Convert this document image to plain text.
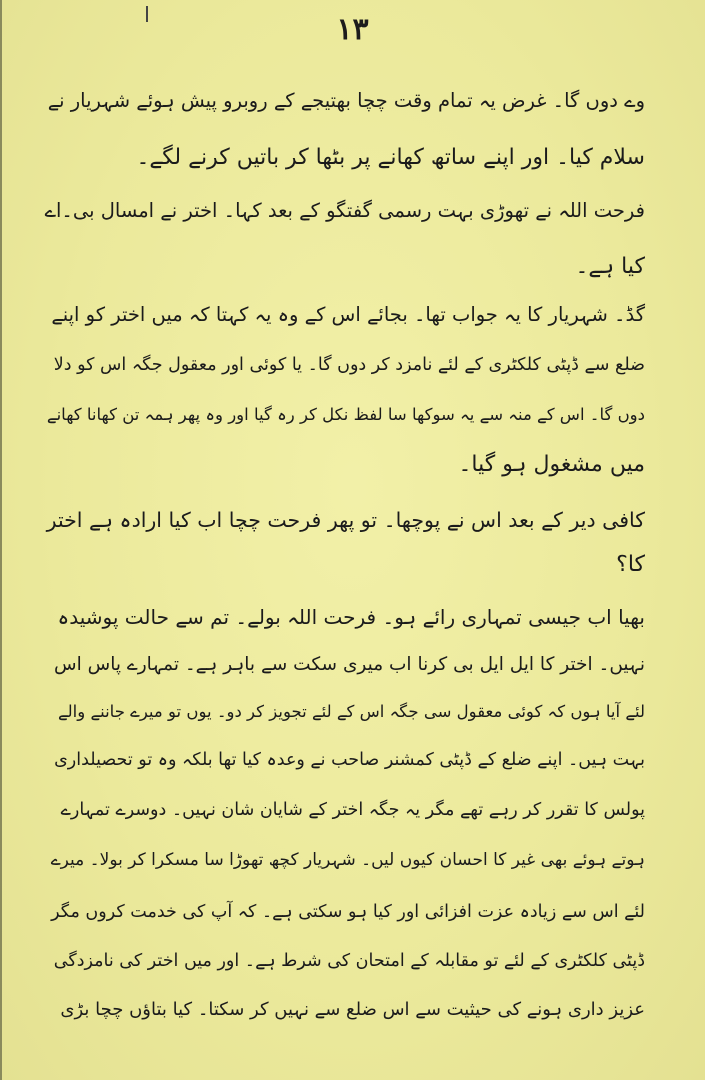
۱۳
وے دوں گا۔ غرض یہ تمام وقت چچا بھتیجے کے روبرو پیش ہوئے شہریار نے
سلام کیا۔ اور اپنے ساتھ کھانے پر بٹھا کر باتیں کرنے لگے۔
فرحت اللہ نے تھوڑی بہت رسمی گفتگو کے بعد کہا۔ اختر نے امسال بی۔اے
کیا ہے۔
گڈ۔ شہریار کا یہ جواب تھا۔ بجائے اس کے وہ یہ کہتا کہ میں اختر کو اپنے
ضلع سے ڈپٹی کلکٹری کے لئے نامزد کر دوں گا۔ یا کوئی اور معقول جگہ اس کو دلا
دوں گا۔ اس کے منہ سے یہ سوکھا سا لفظ نکل کر رہ گیا اور وہ پھر ہمہ تن کھانا کھانے
میں مشغول ہو گیا۔
کافی دیر کے بعد اس نے پوچھا۔ تو پھر فرحت چچا اب کیا ارادہ ہے اختر
کا؟
بھیا اب جیسی تمہاری رائے ہو۔ فرحت اللہ بولے۔ تم سے حالت پوشیدہ
نہیں۔ اختر کا ایل ایل بی کرنا اب میری سکت سے باہر ہے۔ تمہارے پاس اس
لئے آیا ہوں کہ کوئی معقول سی جگہ اس کے لئے تجویز کر دو۔ یوں تو میرے جاننے والے
بہت ہیں۔ اپنے ضلع کے ڈپٹی کمشنر صاحب نے وعدہ کیا تھا بلکہ وہ تو تحصیلداری
پولس کا تقرر کر رہے تھے مگر یہ جگہ اختر کے شایان شان نہیں۔ دوسرے تمہارے
ہوتے ہوئے بھی غیر کا احسان کیوں لیں۔ شہریار کچھ تھوڑا سا مسکرا کر بولا۔ میرے
لئے اس سے زیادہ عزت افزائی اور کیا ہو سکتی ہے۔ کہ آپ کی خدمت کروں مگر
ڈپٹی کلکٹری کے لئے تو مقابلہ کے امتحان کی شرط ہے۔ اور میں اختر کی نامزدگی
عزیز داری ہونے کی حیثیت سے اس ضلع سے نہیں کر سکتا۔ کیا بتاؤں چچا بڑی
